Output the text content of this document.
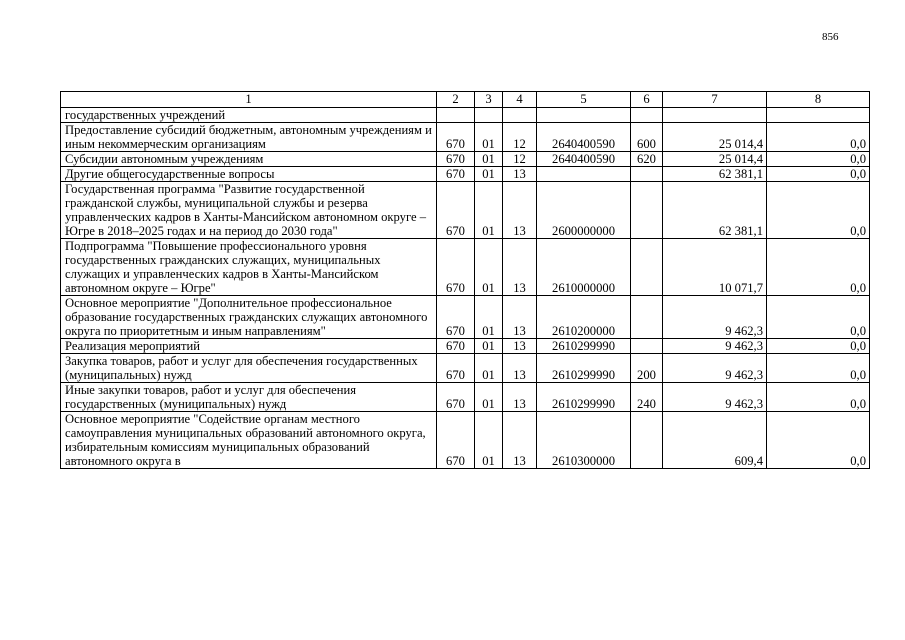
856
1	2	3	4	5	6	7	8
государственных учреждений							
Предоставление субсидий бюджетным, автономным учреждениям и иным некоммерческим организациям	670	01	12	2640400590	600	25 014,4	0,0
Субсидии автономным учреждениям	670	01	12	2640400590	620	25 014,4	0,0
Другие общегосударственные вопросы	670	01	13			62 381,1	0,0
Государственная программа "Развитие государственной гражданской службы, муниципальной службы и резерва управленческих кадров в Ханты-Мансийском автономном округе – Югре в 2018–2025 годах и на период до 2030 года"	670	01	13	2600000000		62 381,1	0,0
Подпрограмма "Повышение профессионального уровня государственных гражданских служащих, муниципальных служащих и управленческих кадров в Ханты-Мансийском автономном округе – Югре"	670	01	13	2610000000		10 071,7	0,0
Основное мероприятие "Дополнительное профессиональное образование государственных гражданских служащих автономного округа по приоритетным и иным направлениям"	670	01	13	2610200000		9 462,3	0,0
Реализация мероприятий	670	01	13	2610299990		9 462,3	0,0
Закупка товаров, работ и услуг для обеспечения государственных (муниципальных) нужд	670	01	13	2610299990	200	9 462,3	0,0
Иные закупки товаров, работ и услуг для обеспечения государственных (муниципальных) нужд	670	01	13	2610299990	240	9 462,3	0,0
Основное мероприятие "Содействие органам местного самоуправления муниципальных образований автономного округа, избирательным комиссиям муниципальных образований автономного округа в	670	01	13	2610300000		609,4	0,0
